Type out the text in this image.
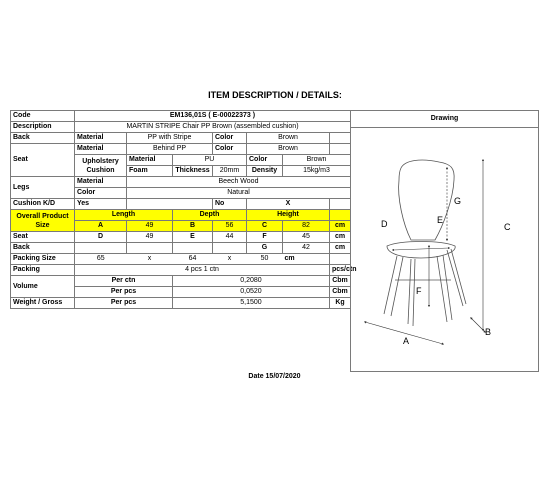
ITEM DESCRIPTION / DETAILS:
Code	EM136,01S ( E-00022373 )						
Description	MARTIN STRIPE Chair PP Brown (assembled cushion)						
Back	Material	PP with Stripe		Color	Brown		
Seat	Material	Behind PP		Color	Brown		
	Upholstery Cushion	Material	PU		Color	Brown	
		Foam	Thickness	20mm	Density	15kg/m3	
Legs	Material	Beech Wood					
	Color	Natural					
Cushion K/D	Yes			No	X		
Overall Product Size	Length		Depth		Height		
	A	49	B	56	C	82	cm
Seat	D	49	E	44	F	45	cm
Back					G	42	cm
Packing Size	65	x	64	x	50	cm	
Packing	4 pcs 1 ctn						pcs/ctn
Volume	Per ctn		0,2080				Cbm
	Per pcs		0,0520				Cbm
Weight / Gross	Per pcs		5,1500				Kg
Drawing
G
C
D	E
F
A
B
Date 15/07/2020
